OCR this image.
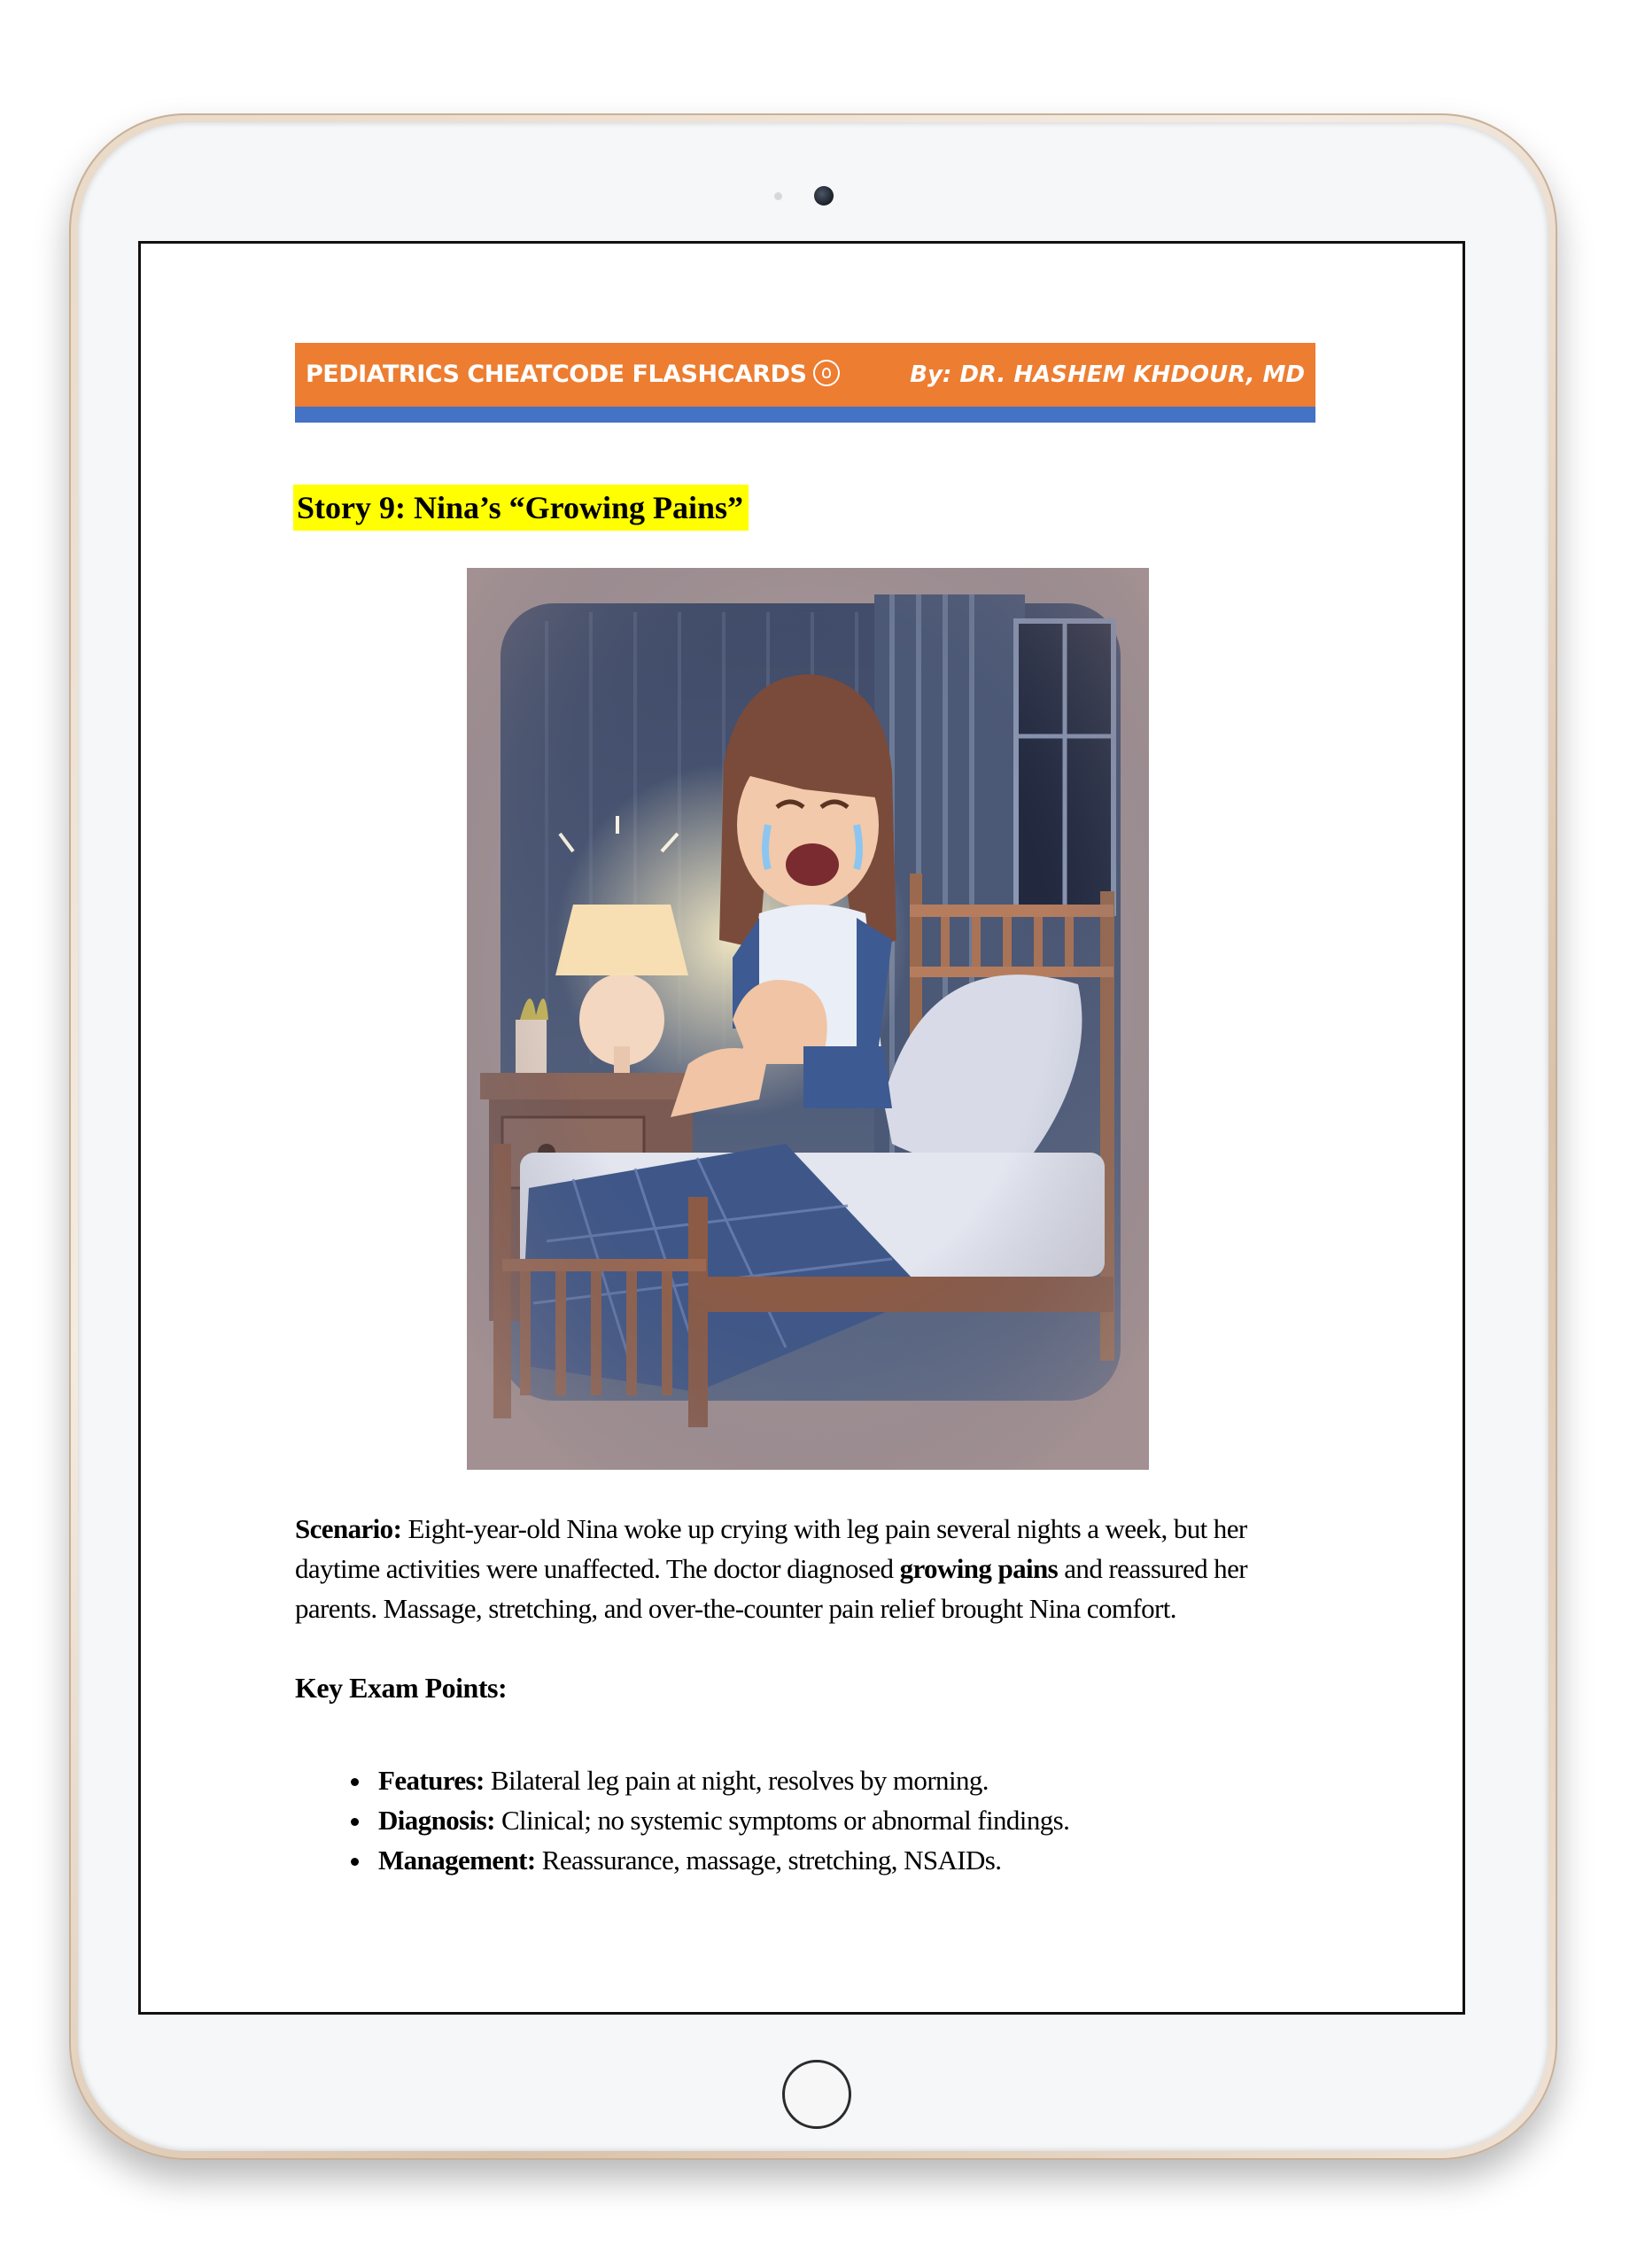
PEDIATRICS CHEATCODE FLASHCARDS	By: DR. HASHEM KHDOUR, MD
Story 9: Nina’s “Growing Pains”
Scenario: Eight-year-old Nina woke up crying with leg pain several nights a week, but her daytime activities were unaffected. The doctor diagnosed growing pains and reassured her parents. Massage, stretching, and over-the-counter pain relief brought Nina comfort.
Key Exam Points:
• Features: Bilateral leg pain at night, resolves by morning.
• Diagnosis: Clinical; no systemic symptoms or abnormal findings.
• Management: Reassurance, massage, stretching, NSAIDs.
